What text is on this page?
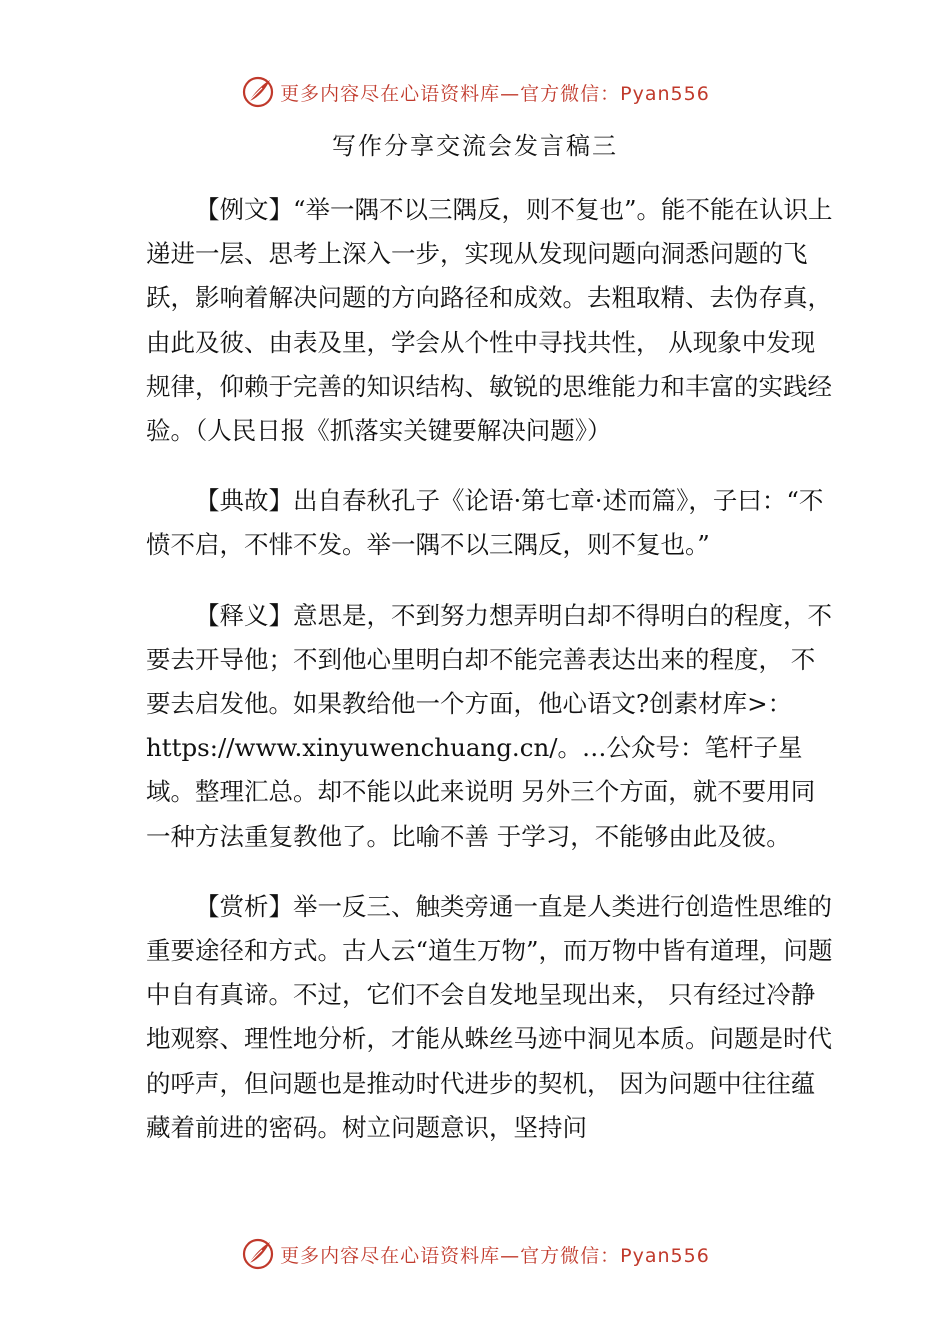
更多内容尽在心语资料库—官方微信：Pyan556
写作分享交流会发言稿三

【例文】“举一隅不以三隅反，则不复也”。能不能在认识上递进一层、思考上深入一步，实现从发现问题向洞悉问题的飞跃，影响着解决问题的方向路径和成效。去粗取精、去伪存真，由此及彼、由表及里，学会从个性中寻找共性， 从现象中发现规律，仰赖于完善的知识结构、敏锐的思维能力和丰富的实践经验。（人民日报《抓落实关键要解决问题》）

【典故】出自春秋孔子《论语·第七章·述而篇》，子曰：“不愤不启，不悱不发。举一隅不以三隅反，则不复也。”

【释义】意思是，不到努力想弄明白却不得明白的程度，不要去开导他；不到他心里明白却不能完善表达出来的程度， 不要去启发他。如果教给他一个方面，他心语文?创素材库>：https://www.xinyuwenchuang.cn/。…公众号：笔杆子星域。整理汇总。却不能以此来说明 另外三个方面，就不要用同一种方法重复教他了。比喻不善 于学习，不能够由此及彼。

【赏析】举一反三、触类旁通一直是人类进行创造性思维的重要途径和方式。古人云“道生万物”，而万物中皆有道理，问题中自有真谛。不过，它们不会自发地呈现出来， 只有经过冷静地观察、理性地分析，才能从蛛丝马迹中洞见本质。问题是时代的呼声，但问题也是推动时代进步的契机， 因为问题中往往蕴藏着前进的密码。树立问题意识，坚持问

更多内容尽在心语资料库—官方微信：Pyan556
